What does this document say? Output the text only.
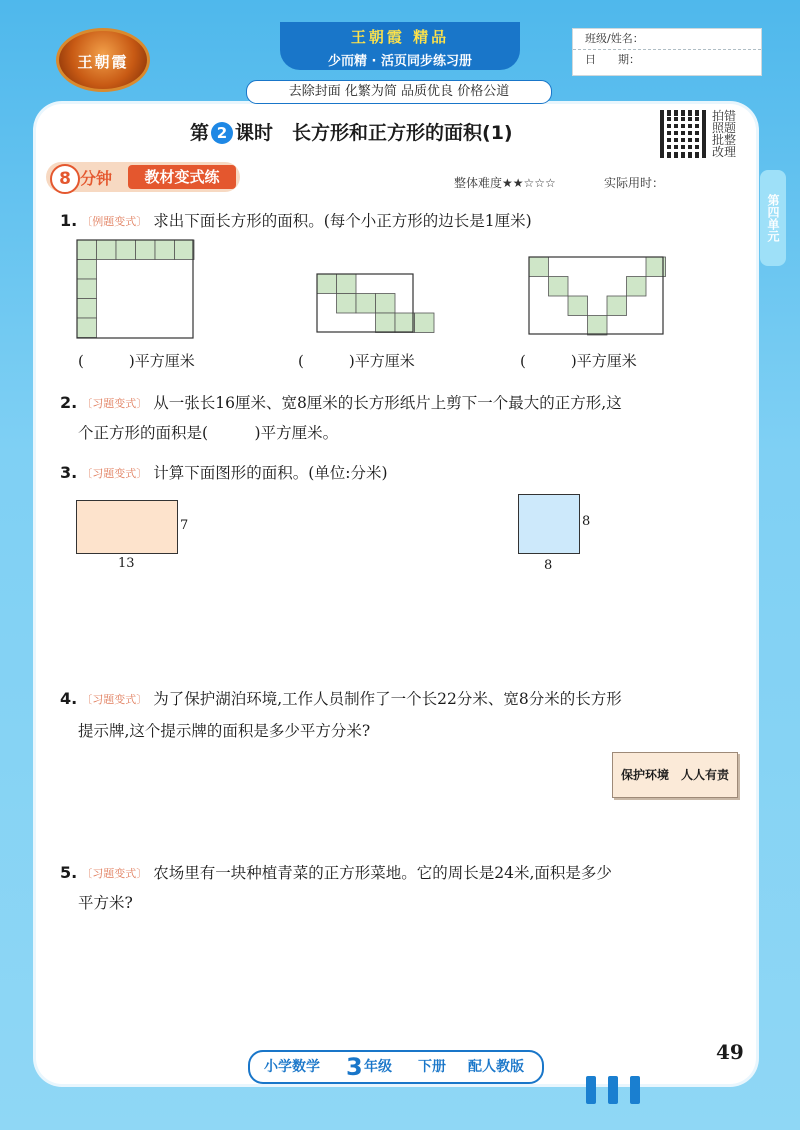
王朝霞
王朝霞 精品
少而精 · 活页同步练习册
去除封面 化繁为简 品质优良 价格公道
班级/姓名：
日　　期：
第四单元
第 2 课时　长方形和正方形的面积(1)
拍错照题批整改理
8 分钟	教材变式练	整体难度★★☆☆☆	实际用时：
1. 〔 例题变式 〕 求出下面长方形的面积。(每个小正方形的边长是1厘米)
(　　　)平方厘米	(　　　)平方厘米	(　　　)平方厘米
2. 〔 习题变式 〕 从一张长16厘米、宽8厘米的长方形纸片上剪下一个最大的正方形,这
个正方形的面积是(　　　)平方厘米。
3. 〔 习题变式 〕 计算下面图形的面积。(单位:分米)
7
13
8
8
4. 〔 习题变式 〕 为了保护湖泊环境,工作人员制作了一个长22分米、宽8分米的长方形
提示牌,这个提示牌的面积是多少平方分米?
保护环境　人人有责
5. 〔 习题变式 〕 农场里有一块种植青菜的正方形菜地。它的周长是24米,面积是多少
平方米?
小学数学 3 年级 下册 配人教版
49
